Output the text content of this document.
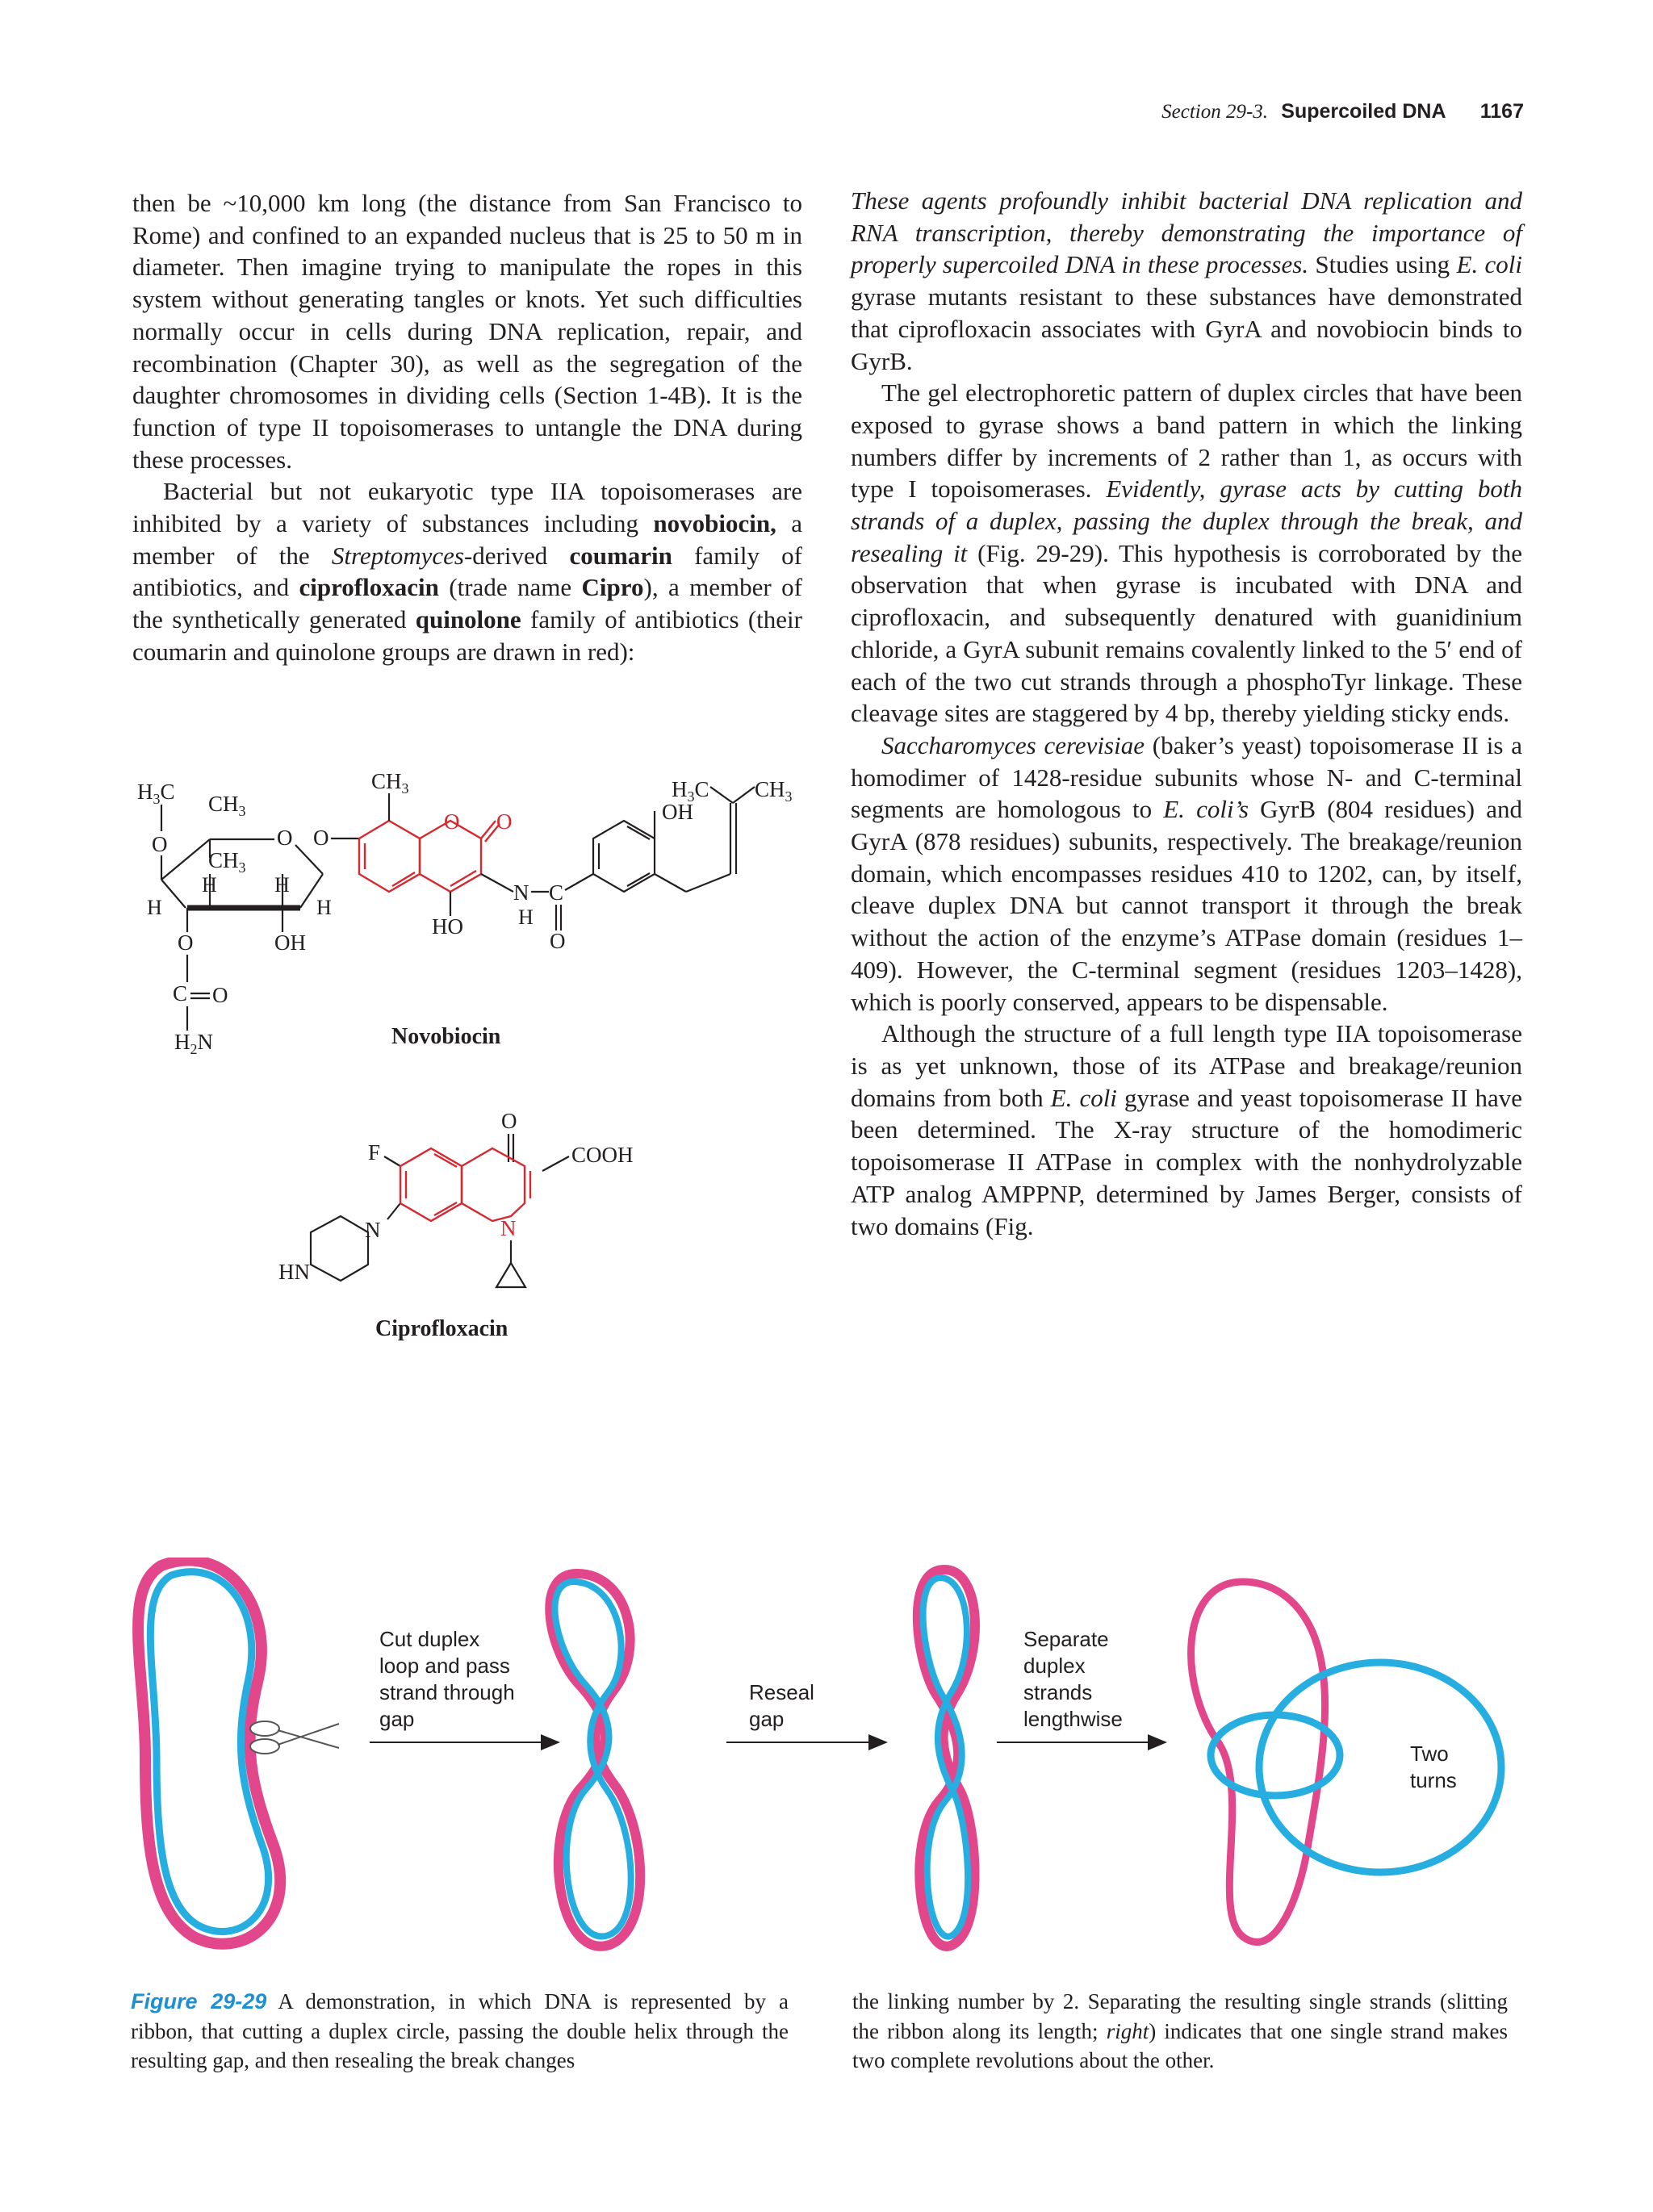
Section 29-3. Supercoiled DNA 1167

then be ~10,000 km long (the distance from San Francisco to Rome) and confined to an expanded nucleus that is 25 to 50 m in diameter. Then imagine trying to manipulate the ropes in this system without generating tangles or knots. Yet such difficulties normally occur in cells during DNA replication, repair, and recombination (Chapter 30), as well as the segregation of the daughter chromosomes in dividing cells (Section 1-4B). It is the function of type II topoisomerases to untangle the DNA during these processes.

Bacterial but not eukaryotic type IIA topoisomerases are inhibited by a variety of substances including novobiocin, a member of the Streptomyces-derived coumarin family of antibiotics, and ciprofloxacin (trade name Cipro), a member of the synthetically generated quinolone family of antibiotics (their coumarin and quinolone groups are drawn in red):

$H_3C$ $CH_3$
O	O O
$CH_3$
H	H
H	H
O	OH
C O
$H_2N$
O O
$CH_3$
HO
N
H
C
O
OH
$H_3C$ $CH_3$
Novobiocin
F
N
HN
O
COOH
N
Ciprofloxacin

These agents profoundly inhibit bacterial DNA replication and RNA transcription, thereby demonstrating the importance of properly supercoiled DNA in these processes. Studies using E. coli gyrase mutants resistant to these substances have demonstrated that ciprofloxacin associates with GyrA and novobiocin binds to GyrB.

The gel electrophoretic pattern of duplex circles that have been exposed to gyrase shows a band pattern in which the linking numbers differ by increments of 2 rather than 1, as occurs with type I topoisomerases. Evidently, gyrase acts by cutting both strands of a duplex, passing the duplex through the break, and resealing it (Fig. 29-29). This hypothesis is corroborated by the observation that when gyrase is incubated with DNA and ciprofloxacin, and subsequently denatured with guanidinium chloride, a GyrA subunit remains covalently linked to the 5′ end of each of the two cut strands through a phosphoTyr linkage. These cleavage sites are staggered by 4 bp, thereby yielding sticky ends.

Saccharomyces cerevisiae (baker’s yeast) topoisomerase II is a homodimer of 1428-residue subunits whose N- and C-terminal segments are homologous to E. coli’s GyrB (804 residues) and GyrA (878 residues) subunits, respectively. The breakage/reunion domain, which encompasses residues 410 to 1202, can, by itself, cleave duplex DNA but cannot transport it through the break without the action of the enzyme’s ATPase domain (residues 1–409). However, the C-terminal segment (residues 1203–1428), which is poorly conserved, appears to be dispensable.

Although the structure of a full length type IIA topoisomerase is as yet unknown, those of its ATPase and breakage/reunion domains from both E. coli gyrase and yeast topoisomerase II have been determined. The X-ray structure of the homodimeric topoisomerase II ATPase in complex with the nonhydrolyzable ATP analog AMPPNP, determined by James Berger, consists of two domains (Fig.

Cut duplex
loop and pass
strand through
gap
Reseal
gap
Separate
duplex
strands
lengthwise
Two
turns
Figure 29-29 A demonstration, in which DNA is represented by a ribbon, that cutting a duplex circle, passing the double helix through the resulting gap, and then resealing the break changes
the linking number by 2. Separating the resulting single strands (slitting the ribbon along its length; right) indicates that one single strand makes two complete revolutions about the other.
